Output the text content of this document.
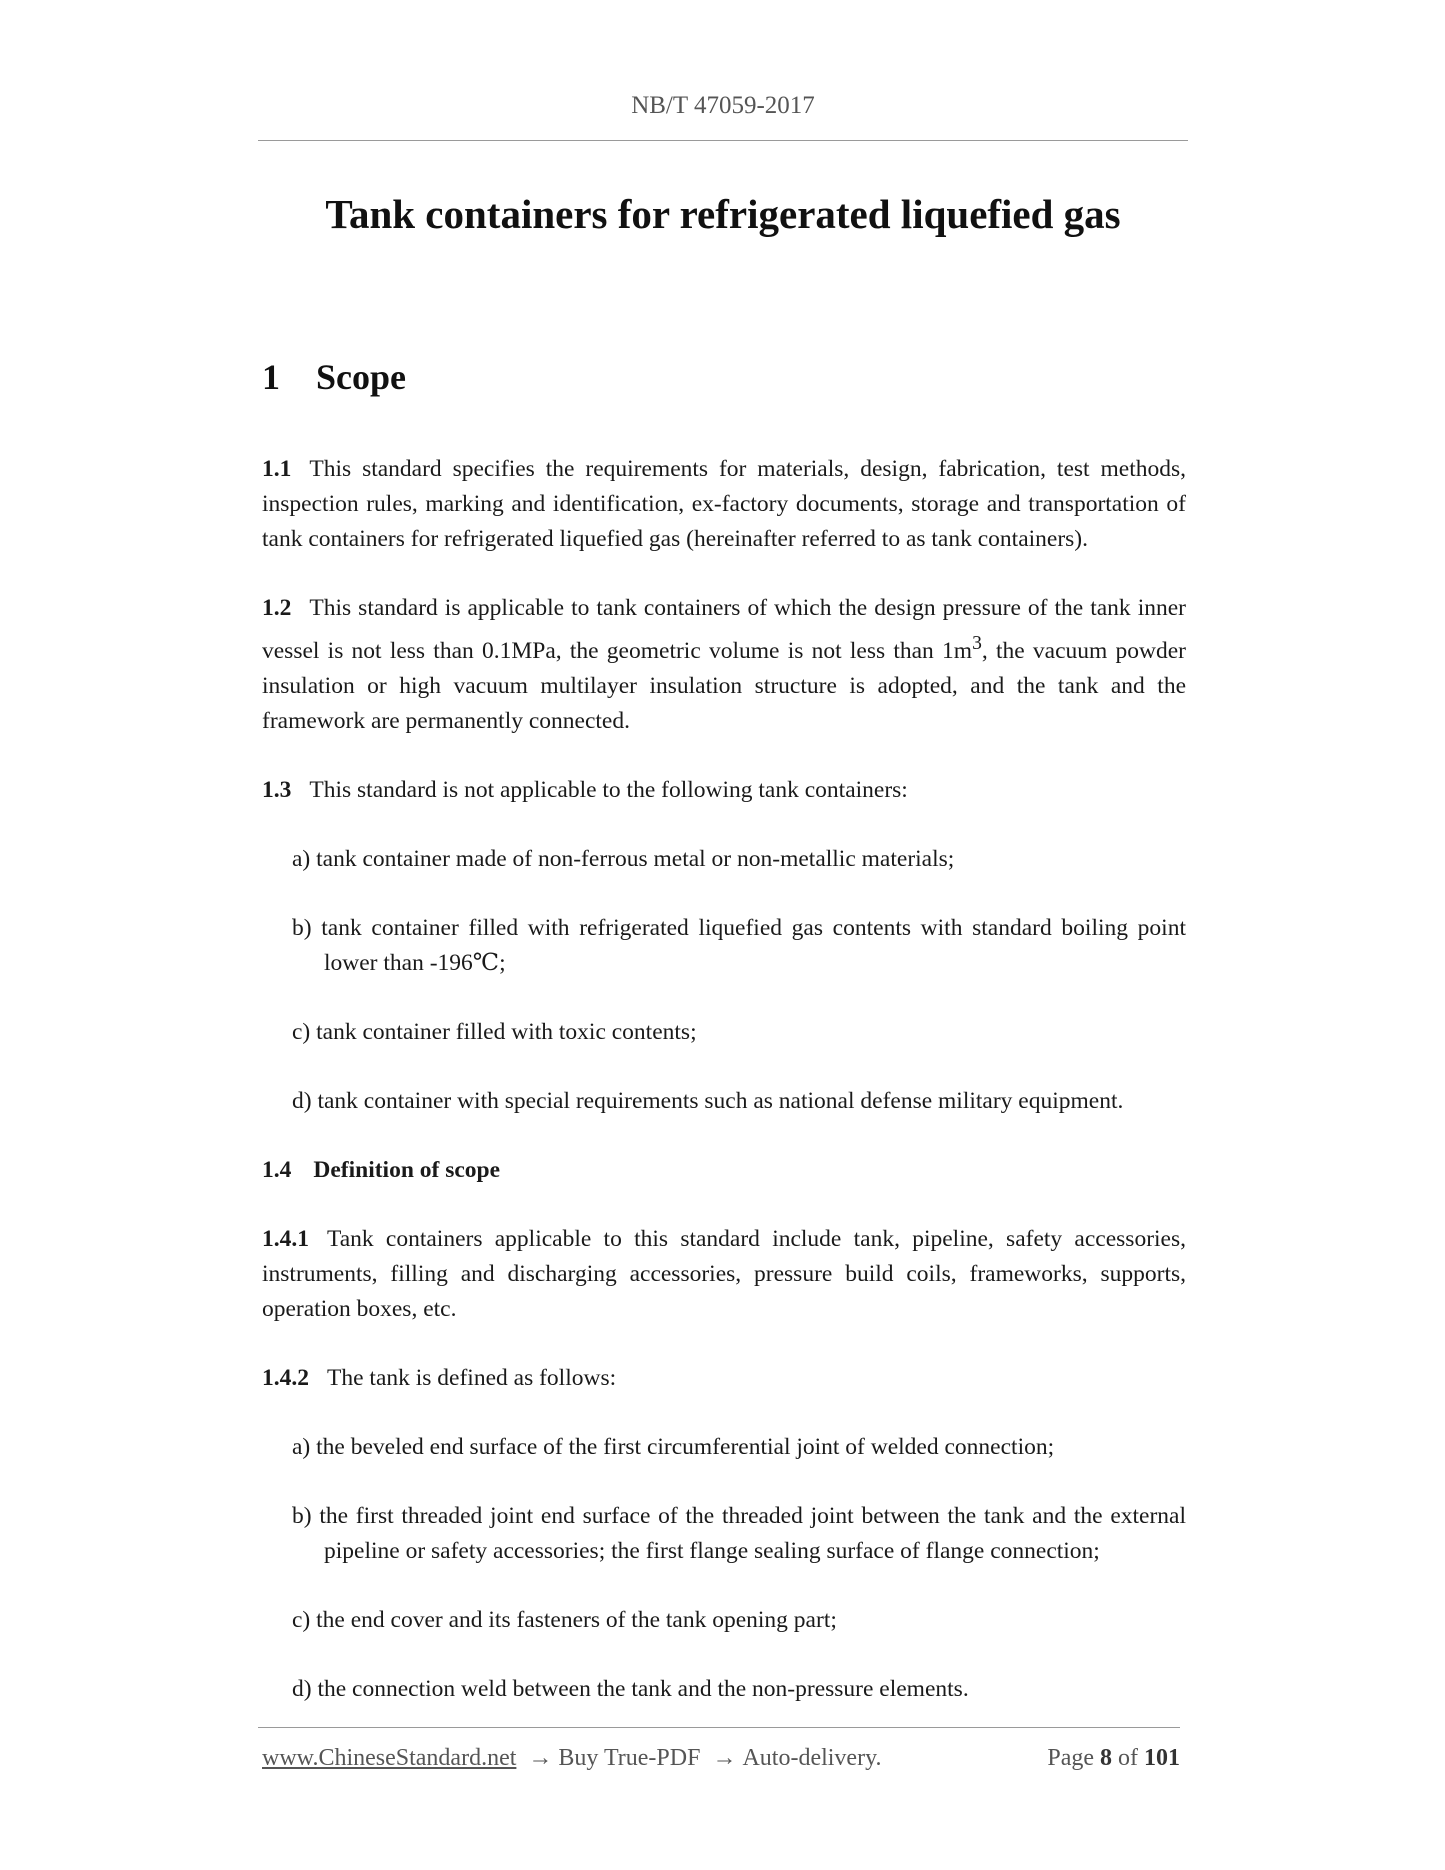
NB/T 47059-2017
Tank containers for refrigerated liquefied gas
1 Scope

1.1 This standard specifies the requirements for materials, design, fabrication, test methods, inspection rules, marking and identification, ex-factory documents, storage and transportation of tank containers for refrigerated liquefied gas (hereinafter referred to as tank containers).

1.2 This standard is applicable to tank containers of which the design pressure of the tank inner vessel is not less than 0.1MPa, the geometric volume is not less than $1m^3$, the vacuum powder insulation or high vacuum multilayer insulation structure is adopted, and the tank and the framework are permanently connected.

1.3 This standard is not applicable to the following tank containers:

a) tank container made of non-ferrous metal or non-metallic materials;

b) tank container filled with refrigerated liquefied gas contents with standard boiling point lower than -196℃;

c) tank container filled with toxic contents;

d) tank container with special requirements such as national defense military equipment.

1.4 Definition of scope

1.4.1 Tank containers applicable to this standard include tank, pipeline, safety accessories, instruments, filling and discharging accessories, pressure build coils, frameworks, supports, operation boxes, etc.

1.4.2 The tank is defined as follows:

a) the beveled end surface of the first circumferential joint of welded connection;

b) the first threaded joint end surface of the threaded joint between the tank and the external pipeline or safety accessories; the first flange sealing surface of flange connection;

c) the end cover and its fasteners of the tank opening part;

d) the connection weld between the tank and the non-pressure elements.

www.ChineseStandard.net → Buy True-PDF → Auto-delivery.	Page 8 of 101
